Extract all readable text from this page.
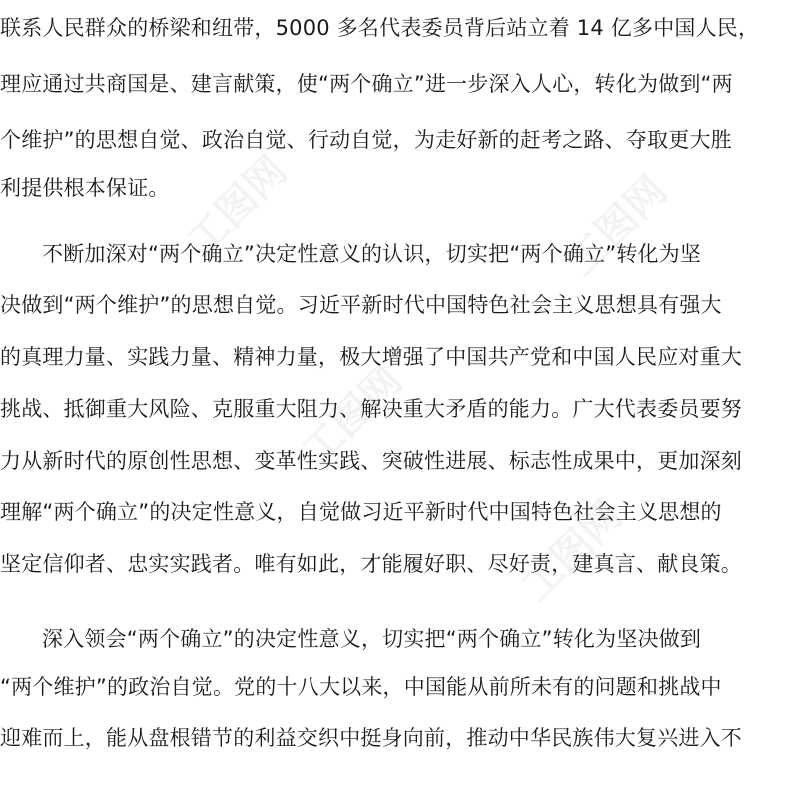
联系人民群众的桥梁和纽带，5000 多名代表委员背后站立着 14 亿多中国人民，
理应通过共商国是、建言献策，使“两个确立”进一步深入人心，转化为做到“两
个维护”的思想自觉、政治自觉、行动自觉，为走好新的赶考之路、夺取更大胜
利提供根本保证。
不断加深对“两个确立”决定性意义的认识，切实把“两个确立”转化为坚
决做到“两个维护”的思想自觉。习近平新时代中国特色社会主义思想具有强大
的真理力量、实践力量、精神力量，极大增强了中国共产党和中国人民应对重大
挑战、抵御重大风险、克服重大阻力、解决重大矛盾的能力。广大代表委员要努
力从新时代的原创性思想、变革性实践、突破性进展、标志性成果中，更加深刻
理解“两个确立”的决定性意义，自觉做习近平新时代中国特色社会主义思想的
坚定信仰者、忠实实践者。唯有如此，才能履好职、尽好责，建真言、献良策。
深入领会“两个确立”的决定性意义，切实把“两个确立”转化为坚决做到
“两个维护”的政治自觉。党的十八大以来，中国能从前所未有的问题和挑战中
迎难而上，能从盘根错节的利益交织中挺身向前，推动中华民族伟大复兴进入不
工图网	工图网
工图网
工图网
